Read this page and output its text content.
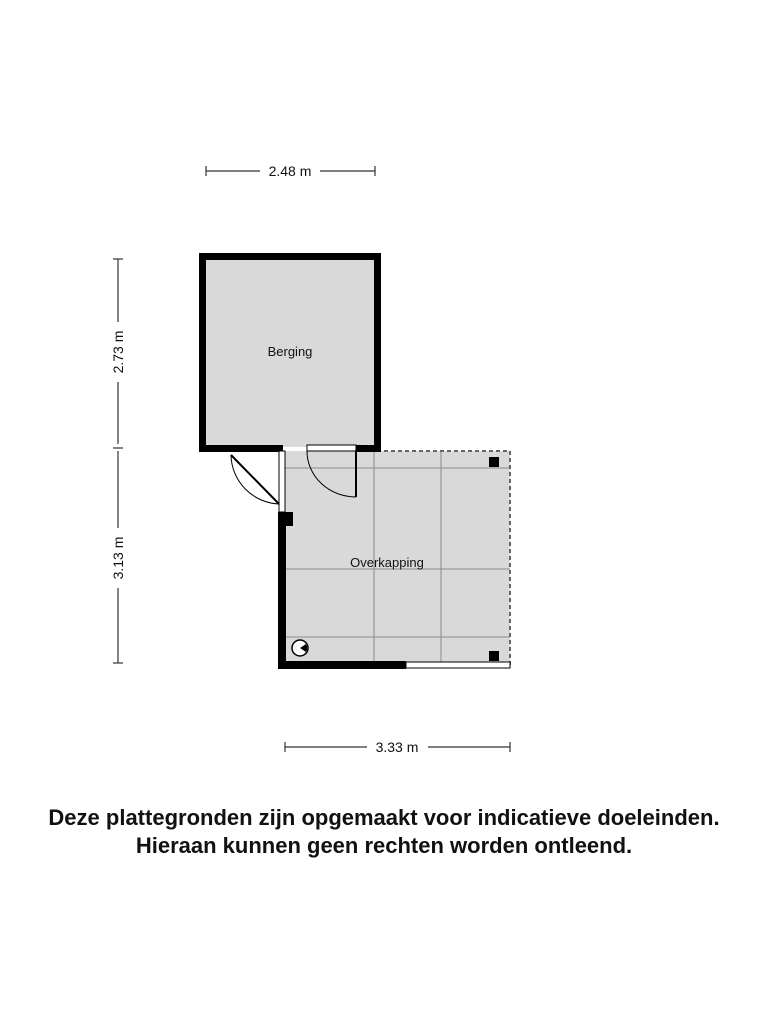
2.48 m
2.73 m
3.13 m
3.33 m
Overkapping
Berging
Deze plattegronden zijn opgemaakt voor indicatieve doeleinden.
Hieraan kunnen geen rechten worden ontleend.
